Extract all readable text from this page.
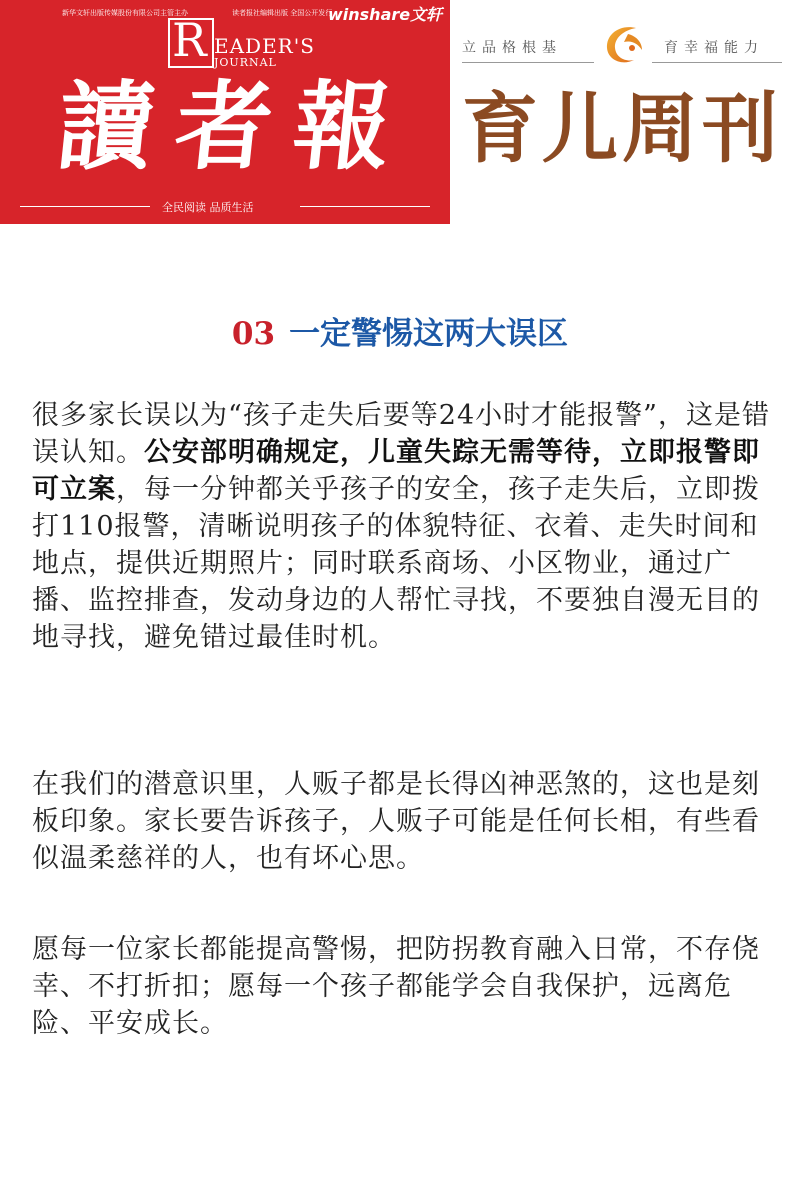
新华文轩出版传媒股份有限公司主管主办	读者报社编辑出版 全国公开发行
winshare文轩
R EADER'S
JOURNAL
讀者報
全民阅读 品质生活
立品格根基	育幸福能力
育儿周刊
03 一定警惕这两大误区

很多家长误以为“孩子走失后要等24小时才能报警”，这是错误认知。公安部明确规定，儿童失踪无需等待，立即报警即可立案，每一分钟都关乎孩子的安全，孩子走失后，立即拨打110报警，清晰说明孩子的体貌特征、衣着、走失时间和地点，提供近期照片；同时联系商场、小区物业，通过广播、监控排查，发动身边的人帮忙寻找，不要独自漫无目的地寻找，避免错过最佳时机。

在我们的潜意识里，人贩子都是长得凶神恶煞的，这也是刻板印象。家长要告诉孩子，人贩子可能是任何长相，有些看似温柔慈祥的人，也有坏心思。

愿每一位家长都能提高警惕，把防拐教育融入日常，不存侥幸、不打折扣；愿每一个孩子都能学会自我保护，远离危险、平安成长。
